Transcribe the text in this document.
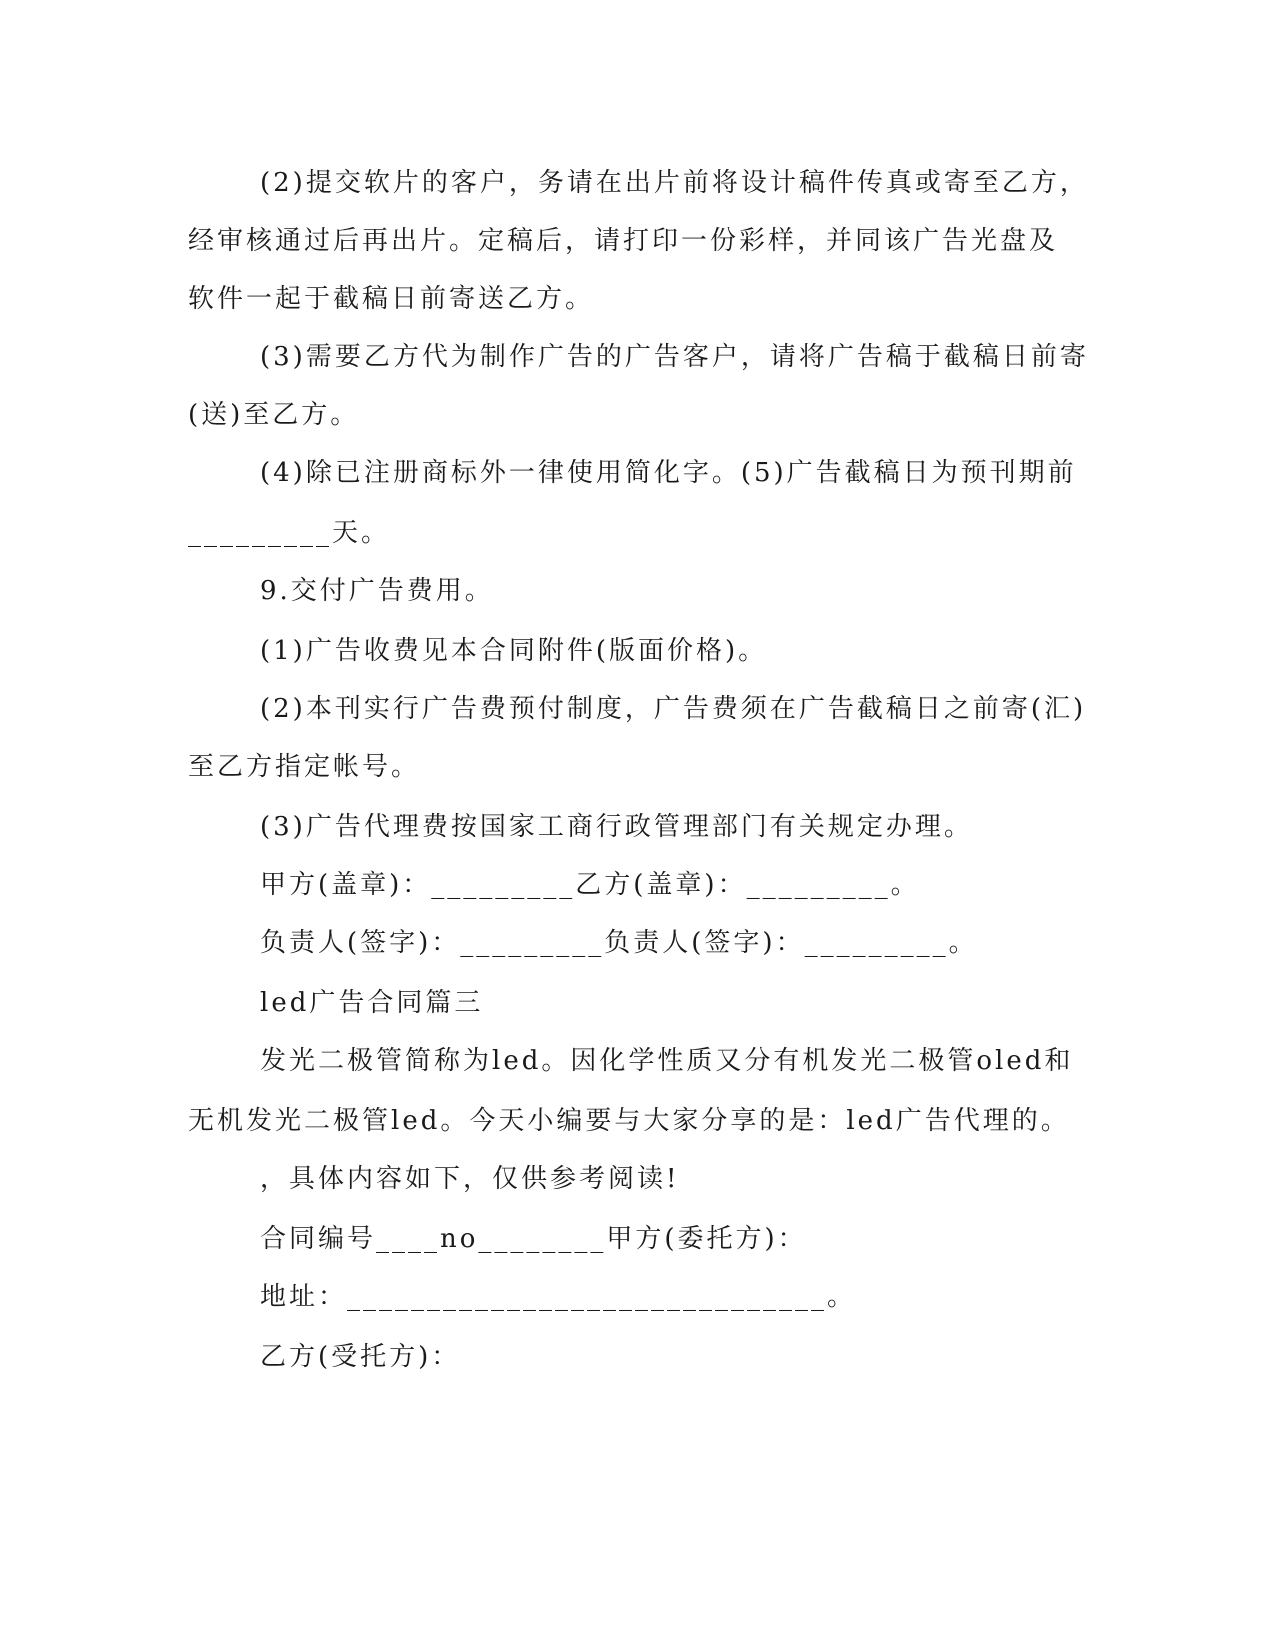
(2)提交软片的客户，务请在出片前将设计稿件传真或寄至乙方，

经审核通过后再出片。定稿后，请打印一份彩样，并同该广告光盘及

软件一起于截稿日前寄送乙方。

(3)需要乙方代为制作广告的广告客户，请将广告稿于截稿日前寄

(送)至乙方。

(4)除已注册商标外一律使用简化字。(5)广告截稿日为预刊期前

_________天。

9.交付广告费用。

(1)广告收费见本合同附件(版面价格)。

(2)本刊实行广告费预付制度，广告费须在广告截稿日之前寄(汇)

至乙方指定帐号。

(3)广告代理费按国家工商行政管理部门有关规定办理。

甲方(盖章)：_________乙方(盖章)：_________。

负责人(签字)：_________负责人(签字)：_________。

led广告合同篇三

发光二极管简称为led。因化学性质又分有机发光二极管oled和

无机发光二极管led。今天小编要与大家分享的是：led广告代理的。

，具体内容如下，仅供参考阅读!

合同编号____no________甲方(委托方)：

地址：______________________________。

乙方(受托方)：
